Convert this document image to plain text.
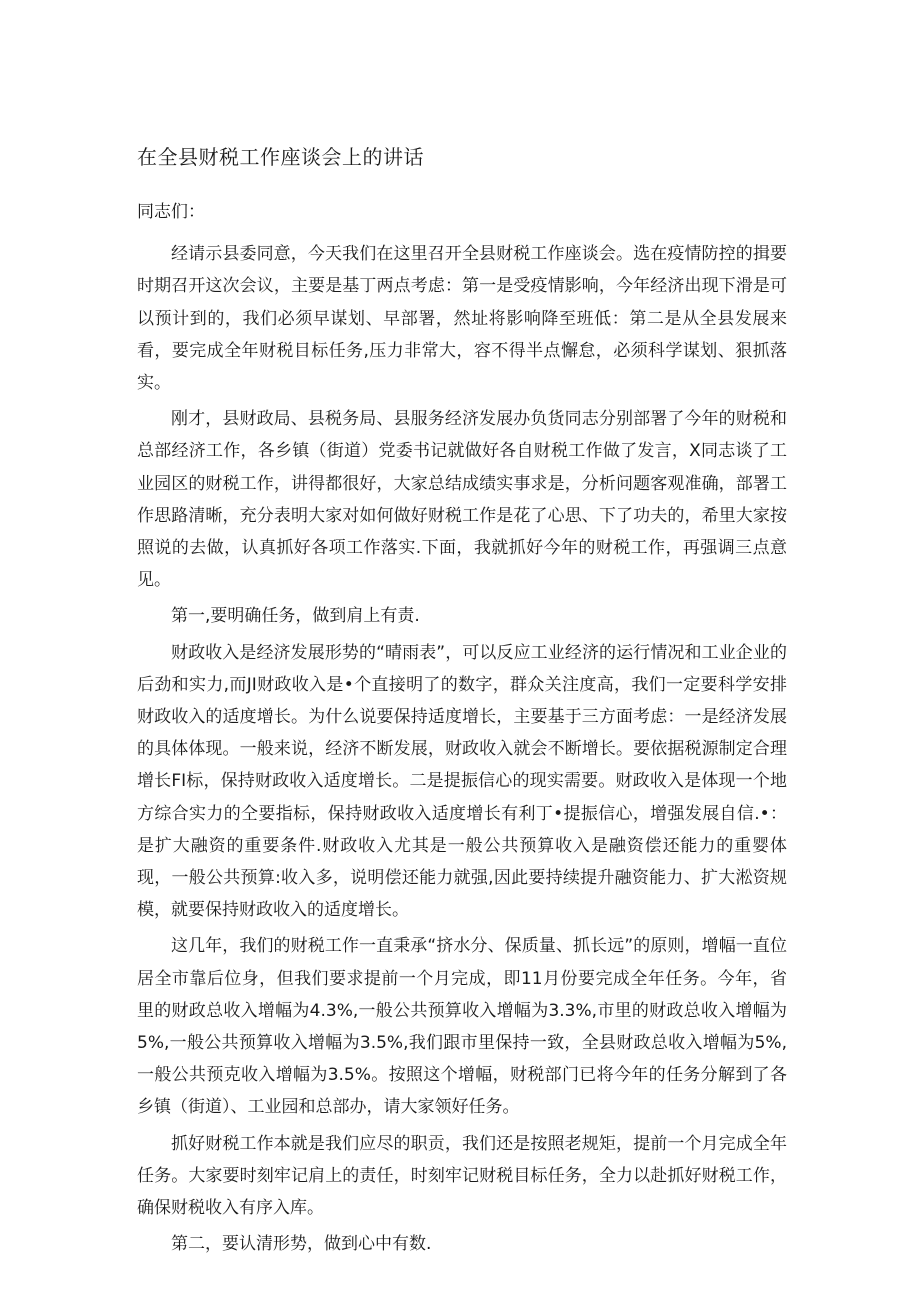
在全县财税工作座谈会上的讲话

同志们：

经请示县委同意，今天我们在这里召开全县财税工作座谈会。选在疫情防控的揖要时期召开这次会议，主要是基丁两点考虑：第一是受疫情影响，今年经济出现下滑是可以预计到的，我们必须早谋划、早部署，然址将影响降至班低：第二是从全县发展来看，要完成全年财税目标任务,压力非常大，容不得半点懈怠，必须科学谋划、狠抓落实。

刚才，县财政局、县税务局、县服务经济发展办负货同志分别部署了今年的财税和总部经济工作，各乡镇（街道）党委书记就做好各自财税工作做了发言，X同志谈了工业园区的财税工作，讲得都很好，大家总结成绩实事求是，分析问题客观准确，部署工作思路清晰，充分表明大家对如何做好财税工作是花了心思、下了功夫的，希里大家按照说的去做，认真抓好各项工作落实.下面，我就抓好今年的财税工作，再强调三点意见。

第一,要明确任务，做到肩上有责.

财政收入是经济发展形势的“晴雨表”，可以反应工业经济的运行情况和工业企业的后劲和实力,而JI财政收入是•个直接明了的数字，群众关注度高，我们一定要科学安排财政收入的适度增长。为什么说要保持适度增长，主要基于三方面考虑：一是经济发展的具体体现。一般来说，经济不断发展，财政收入就会不断增长。要依据税源制定合理增长FI标，保持财政收入适度增长。二是提振信心的现实需要。财政收入是体现一个地方综合实力的仝要指标，保持财政收入适度增长有利丁•提振信心，增强发展自信.•：是扩大融资的重要条件.财政收入尤其是一般公共预算收入是融资偿还能力的重婴体现，一般公共预算:收入多，说明偿还能力就强,因此要持续提升融资能力、扩大淞资规模，就要保持财政收入的适度增长。

这几年，我们的财税工作一直秉承“挤水分、保质量、抓长远”的原则，增幅一直位居全市靠后位身，但我们要求提前一个月完成，即11月份要完成全年任务。今年，省里的财政总收入增幅为4.3%,一般公共预算收入增幅为3.3%,市里的财政总收入增幅为5%,一般公共预算收入增幅为3.5%,我们跟市里保持一致，全县财政总收入增幅为5%,一般公共预克收入增幅为3.5%。按照这个增幅，财税部门已将今年的任务分解到了各乡镇（街道）、工业园和总部办，请大家领好任务。

抓好财税工作本就是我们应尽的职贡，我们还是按照老规矩，提前一个月完成全年任务。大家要时刻牢记肩上的责任，时刻牢记财税目标任务，全力以赴抓好财税工作，确保财税收入有序入库。

第二，要认清形势，做到心中有数.
